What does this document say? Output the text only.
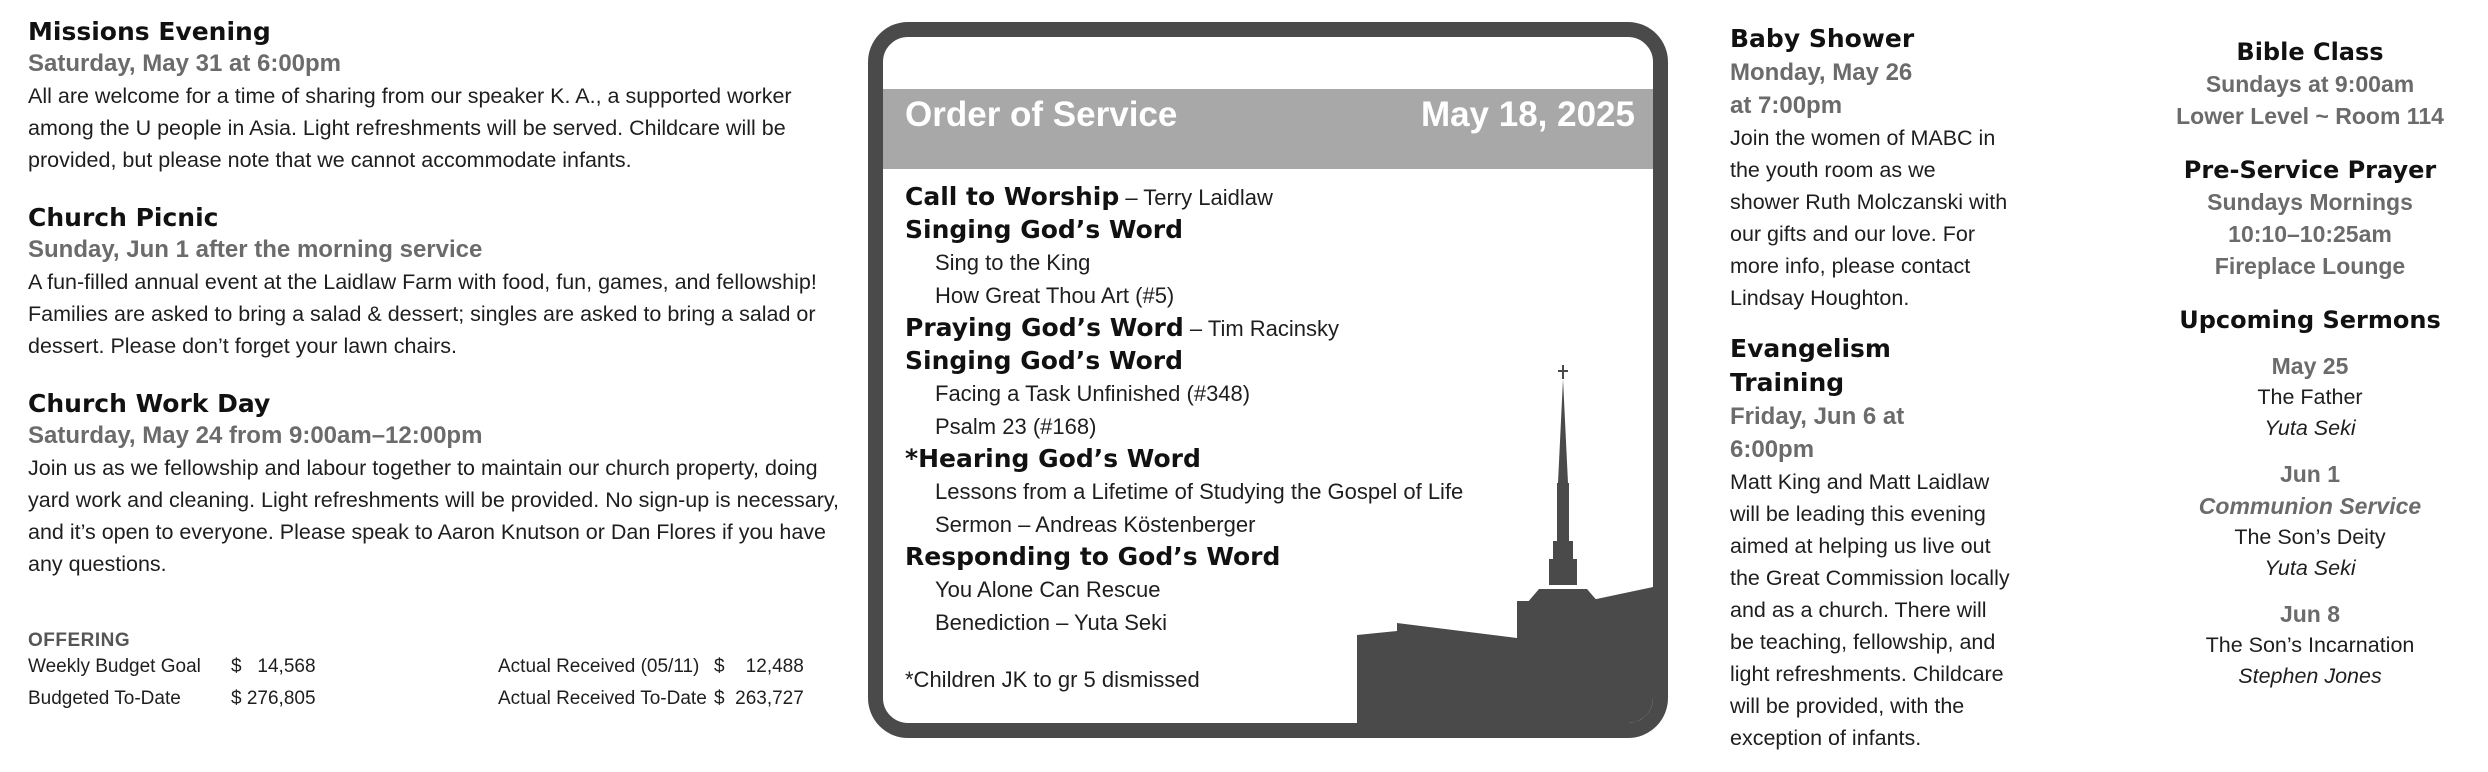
Missions Evening
Saturday, May 31 at 6:00pm
All are welcome for a time of sharing from our speaker K. A., a supported worker
among the U people in Asia. Light refreshments will be served. Childcare will be
provided, but please note that we cannot accommodate infants.
Church Picnic
Sunday, Jun 1 after the morning service
A fun-filled annual event at the Laidlaw Farm with food, fun, games, and fellowship!
Families are asked to bring a salad & dessert; singles are asked to bring a salad or
dessert. Please don’t forget your lawn chairs.
Church Work Day
Saturday, May 24 from 9:00am–12:00pm
Join us as we fellowship and labour together to maintain our church property, doing
yard work and cleaning. Light refreshments will be provided. No sign-up is necessary,
and it’s open to everyone. Please speak to Aaron Knutson or Dan Flores if you have
any questions.
OFFERING
Weekly Budget Goal $   14,568	Actual Received (05/11) $    12,488
Budgeted To-Date	$ 276,805	Actual Received To-Date $  263,727
Order of Service	May 18, 2025
Call to Worship – Terry Laidlaw
Singing God’s Word
Sing to the King
How Great Thou Art (#5)
Praying God’s Word – Tim Racinsky
Singing God’s Word
Facing a Task Unfinished (#348)
Psalm 23 (#168)
*Hearing God’s Word
Lessons from a Lifetime of Studying the Gospel of Life
Sermon – Andreas Köstenberger
Responding to God’s Word
You Alone Can Rescue
Benediction – Yuta Seki
*Children JK to gr 5 dismissed
Baby Shower
Monday, May 26
at 7:00pm
Join the women of MABC in
the youth room as we
shower Ruth Molczanski with
our gifts and our love. For
more info, please contact
Lindsay Houghton.
Evangelism
Training
Friday, Jun 6 at
6:00pm
Matt King and Matt Laidlaw
will be leading this evening
aimed at helping us live out
the Great Commission locally
and as a church. There will
be teaching, fellowship, and
light refreshments. Childcare
will be provided, with the
exception of infants.
Bible Class
Sundays at 9:00am
Lower Level ~ Room 114
Pre-Service Prayer
Sundays Mornings
10:10–10:25am
Fireplace Lounge
Upcoming Sermons
May 25
The Father
Yuta Seki
Jun 1
Communion Service
The Son’s Deity
Yuta Seki
Jun 8
The Son’s Incarnation
Stephen Jones
